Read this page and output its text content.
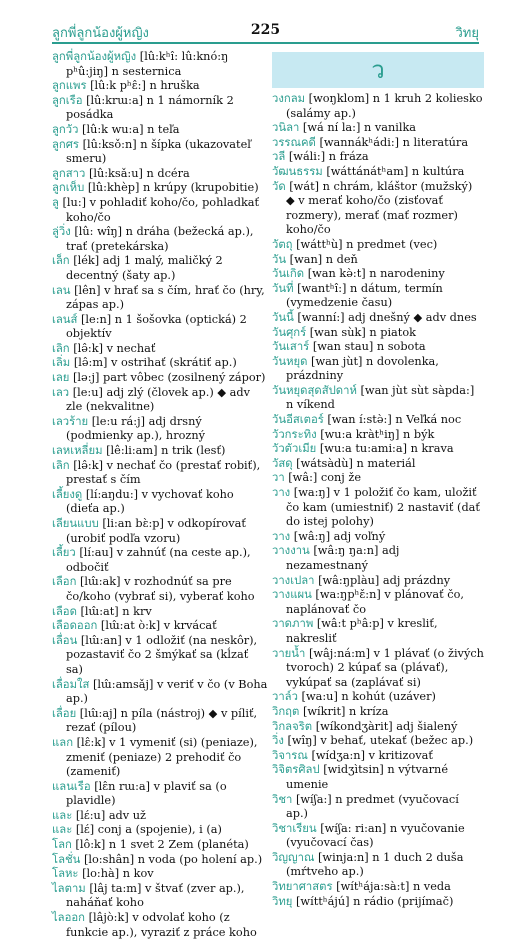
ลูกพี่ลูกน้องผู้หญิง	225	วิทยุ

ลูกพี่ลูกน้องผู้หญิง [lû:kʰî: lû:knó:ŋ pʰû:jiŋ] n sesternica

ลูกแพร [lû:k pʰɛ̂:] n hruška

ลูกเรือ [lû:krɯ:a] n 1 námorník 2 posádka

ลูกวัว [lû:k wu:a] n teľa

ลูกศร [lû:ksǒ:n] n šípka (ukazovateľ smeru)

ลูกสาว [lû:ksǎ:u] n dcéra

ลูกเห็บ [lû:khèp] n krúpy (krupobitie)

ลู [lu:] v pohladiť koho/čo, pohladkať koho/čo

ลู่วิ่ง [lû: wîŋ] n dráha (bežecká ap.), trať (pretekárska)

เล็ก [lék] adj 1 malý, maličký 2 decentný (šaty ap.)

เลน [lên] v hrať sa s čím, hrať čo (hry, zápas ap.)

เลนส์ [le:n] n 1 šošovka (optická) 2 objektív

เลิก [lə̂:k] v nechať

เลิ่ม [lə̂:m] v ostrihať (skrátiť ap.)

เลย [lə:j] part vôbec (zosilnený zápor)

เลว [le:u] adj zlý (človek ap.) ◆ adv zle (nekvalitne)

เลวร้าย [le:u rá:j] adj drsný (podmienky ap.), hrozný

เลหเหลี่ยม [lê:li:am] n trik (lesť)

เลิก [lə̂:k] v nechať čo (prestať robiť), prestať s čím

เลี้ยงดู [lí:aŋdu:] v vychovať koho (dieťa ap.)

เลียนแบบ [li:an bɛ̀:p] v odkopírovať (urobiť podľa vzoru)

เลี้ยว [lí:au] v zahnúť (na ceste ap.), odbočiť

เลือก [lɯ̂:ak] v rozhodnúť sa pre čo/koho (vybrať si), vyberať koho

เลือด [lɯ̂:at] n krv

เลือดออก [lɯ̂:at ò:k] v krvácať

เลื่อน [lɯ̂:an] v 1 odložiť (na neskôr), pozastaviť čo 2 šmýkať sa (kĺzať sa)

เลื่อมใส [lɯ̂:amsǎj] v veriť v čo (v Boha ap.)

เลื่อย [lɯ̂:aj] n píla (nástroj) ◆ v píliť, rezať (pílou)

แลก [lɛ̂:k] v 1 vymeniť (si) (peniaze), zmeniť (peniaze) 2 prehodiť čo (zameniť)

แลนเรือ [lɛ̂n rɯ:a] v plaviť sa (o plavidle)

และ [lɛ́:u] adv už

และ [lɛ́] conj a (spojenie), i (a)

โลก [lô:k] n 1 svet 2 Zem (planéta)

โลชั่น [lo:shân] n voda (po holení ap.)

โลหะ [lo:hà] n kov

ไลตาม [lâj ta:m] v štvať (zver ap.), naháňať koho

ไลออก [lâjò:k] v odvolať koho (z funkcie ap.), vyraziť z práce koho

ว

วงกลม [woŋklom] n 1 kruh 2 koliesko (salámy ap.)

วนิลา [wá ní la:] n vanilka

วรรณคดี [wannákʰádi:] n literatúra

วลี [wáli:] n fráza

วัฒนธรรม [wáttánátʰam] n kultúra

วัด [wát] n chrám, kláštor (mužský) ◆ v merať koho/čo (zisťovať rozmery), merať (mať rozmer) koho/čo

วัตถุ [wáttʰù] n predmet (vec)

วัน [wan] n deň

วันเกิด [wan kə̀:t] n narodeniny

วันที่ [wantʰî:] n dátum, termín (vymedzenie času)

วันนี้ [wanní:] adj dnešný ◆ adv dnes

วันศุกร์ [wan sùk] n piatok

วันเสาร์ [wan stau] n sobota

วันหยุด [wan jùt] n dovolenka, prázdniny

วันหยุดสุดสัปดาห์ [wan jùt sùt sàpda:] n víkend

วันอีสเตอร์ [wan í:stə̀:] n Veľká noc

วัวกระทิง [wu:a kràtʰiŋ] n býk

วัวตัวเมีย [wu:a tu:ami:a] n krava

วัสดุ [wátsàdù] n materiál

วา [wâ:] conj že

วาง [wa:ŋ] v 1 položiť čo kam, uložiť čo kam (umiestniť) 2 nastaviť (dať do istej polohy)

วาง [wâ:ŋ] adj voľný

วางงาน [wâ:ŋ ŋa:n] adj nezamestnaný

วางเปลา [wâ:ŋplàu] adj prázdny

วางแผน [wa:ŋpʰɛ̌:n] v plánovať čo, naplánovať čo

วาดภาพ [wâ:t pʰâ:p] v kresliť, nakresliť

วายน้ำ [wâj:ná:m] v 1 plávať (o živých tvoroch) 2 kúpať sa (plávať), vykúpať sa (zaplávať si)

วาล์ว [wa:u] n kohút (uzáver)

วิกฤต [wíkrit] n kríza

วิกลจริต [wíkondʒàrit] adj šialený

วิ่ง [wîŋ] v behať, utekať (bežec ap.)

วิจารณ [wídʒa:n] v kritizovať

วิจิตรศิลป [widʒìtsin] n výtvarné umenie

วิชา [wíʃa:] n predmet (vyučovací ap.)

วิชาเรียน [wíʃa: ri:an] n vyučovanie (vyučovací čas)

วิญญาณ [winja:n] n 1 duch 2 duša (mŕtveho ap.)

วิทยาศาสตร [wítʰája:sà:t] n veda

วิทยุ [wíttʰájú] n rádio (prijímač)
